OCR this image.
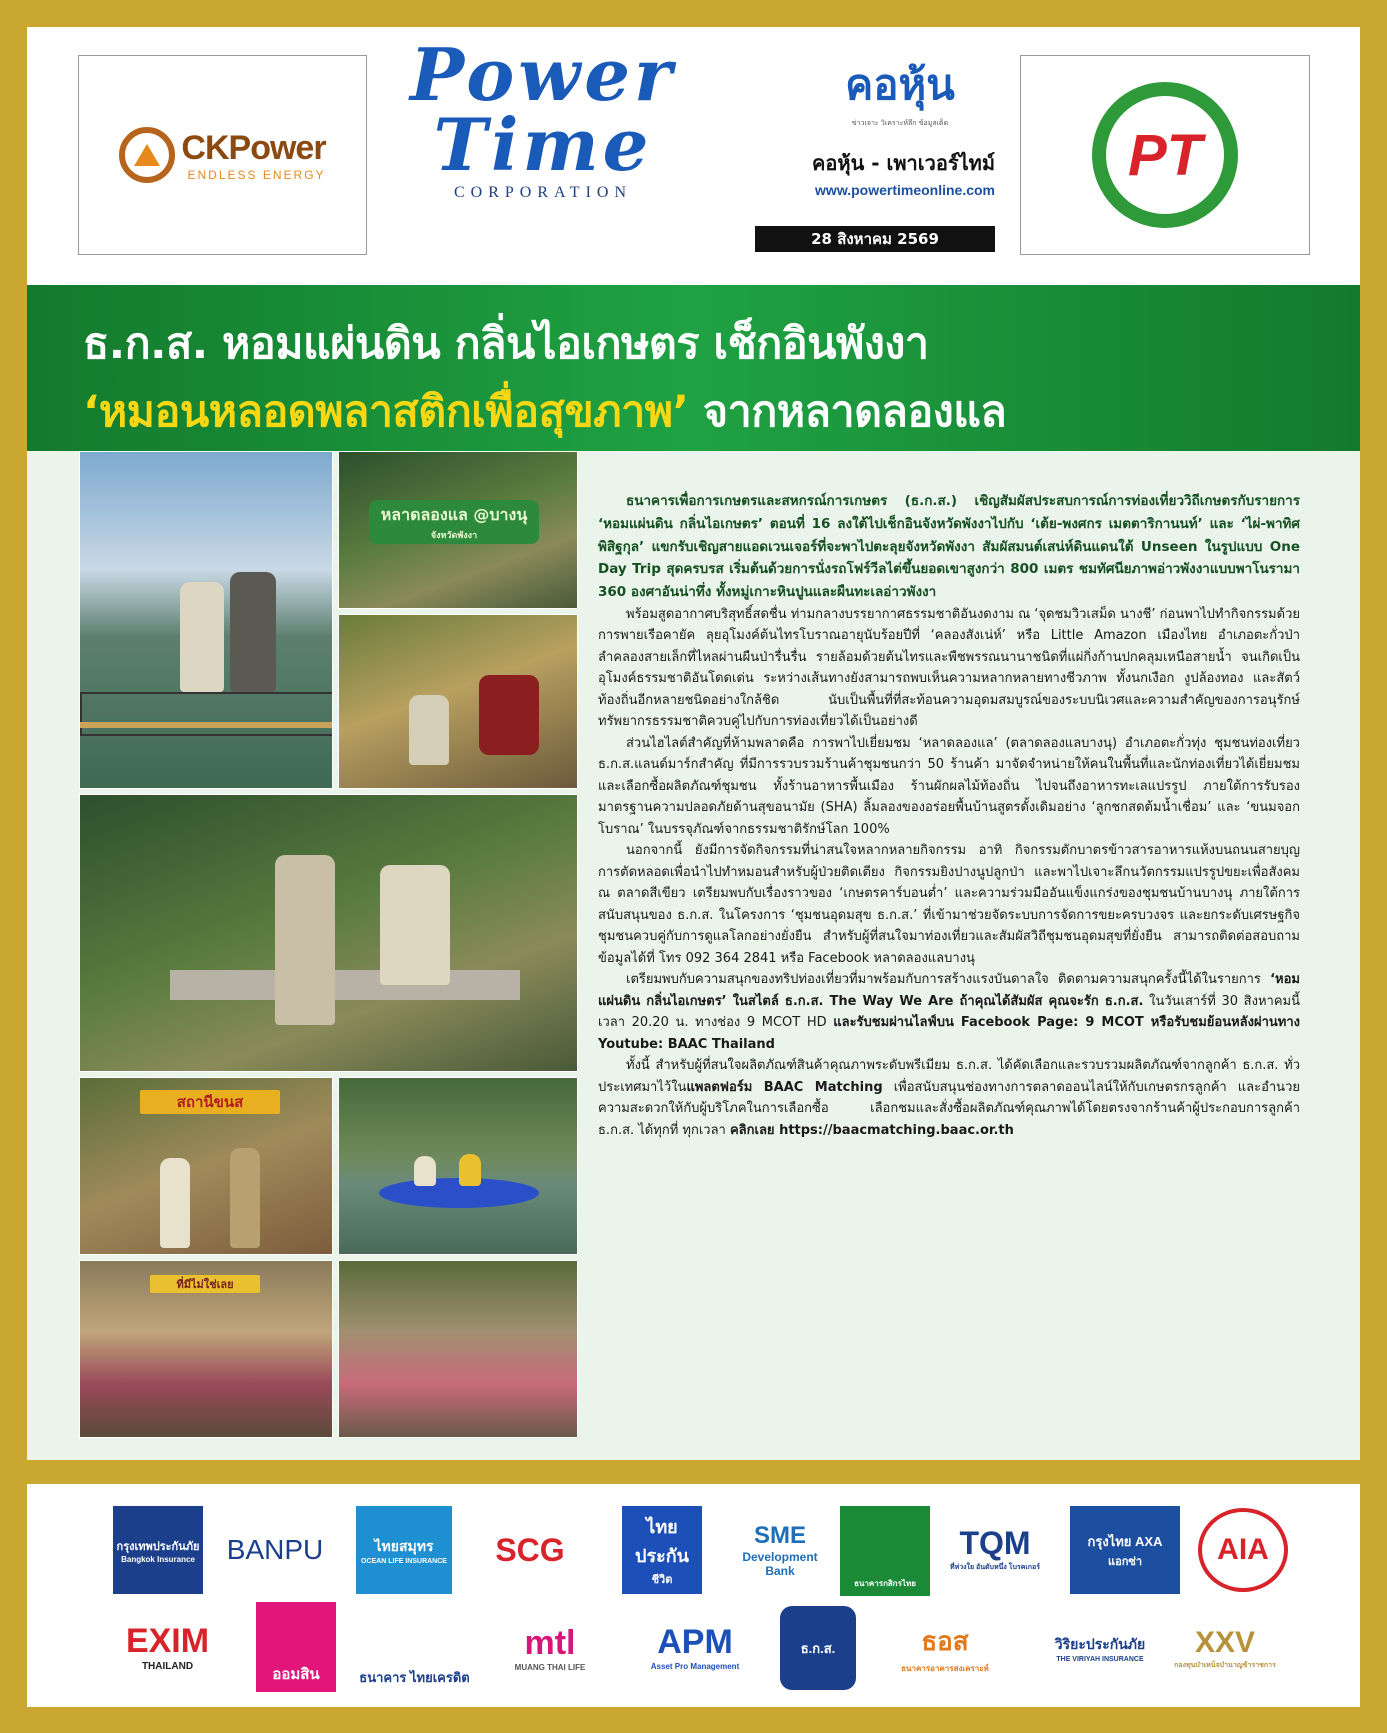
CKPower
ENDLESS ENERGY
Power
Time
CORPORATION
คอหุ้น
ข่าวเจาะ วิเคราะห์ลึก ข้อมูลเด็ด
คอหุ้น - เพาเวอร์ไทม์
www.powertimeonline.com
28 สิงหาคม 2569
PT
ธ.ก.ส. หอมแผ่นดิน กลิ่นไอเกษตร เช็กอินพังงา
‘หมอนหลอดพลาสติกเพื่อสุขภาพ’ จากหลาดลองแล
หลาดลองแล @บางนุ
จังหวัดพังงา
สถานีขนส
ที่มีไม่ใช่เลย

ธนาคารเพื่อการเกษตรและสหกรณ์การเกษตร (ธ.ก.ส.) เชิญสัมผัสประสบการณ์การท่องเที่ยววิถีเกษตรกับรายการ ‘หอมแผ่นดิน กลิ่นไอเกษตร’ ตอนที่ 16 ลงใต้ไปเช็กอินจังหวัดพังงาไปกับ ‘เต้ย-พงศกร เมตตาริกานนท์’ และ ‘ไผ่-พาทิศ พิสิฐกุล’ แขกรับเชิญสายแอดเวนเจอร์ที่จะพาไปตะลุยจังหวัดพังงา สัมผัสมนต์เสน่ห์ดินแดนใต้ Unseen ในรูปแบบ One Day Trip สุดครบรส เริ่มต้นด้วยการนั่งรถโฟร์วีลไต่ขึ้นยอดเขาสูงกว่า 800 เมตร ชมทัศนียภาพอ่าวพังงาแบบพาโนรามา 360 องศาอันน่าทึ่ง ทั้งหมู่เกาะหินปูนและผืนทะเลอ่าวพังงา

พร้อมสูดอากาศบริสุทธิ์สดชื่น ท่ามกลางบรรยากาศธรรมชาติอันงดงาม ณ ‘จุดชมวิวเสม็ด นางชี’ ก่อนพาไปทำกิจกรรมด้วยการพายเรือคายัค ลุยอุโมงค์ต้นไทรโบราณอายุนับร้อยปีที่ ‘คลองสังเน่ห์’ หรือ Little Amazon เมืองไทย อำเภอตะกั่วป่า ลำคลองสายเล็กที่ไหลผ่านผืนป่ารื่นรื่น รายล้อมด้วยต้นไทรและพืชพรรณนานาชนิดที่แผ่กิ่งก้านปกคลุมเหนือสายน้ำ จนเกิดเป็นอุโมงค์ธรรมชาติอันโดดเด่น ระหว่างเส้นทางยังสามารถพบเห็นความหลากหลายทางชีวภาพ ทั้งนกเงือก งูปล้องทอง และสัตว์ท้องถิ่นอีกหลายชนิดอย่างใกล้ชิด นับเป็นพื้นที่ที่สะท้อนความอุดมสมบูรณ์ของระบบนิเวศและความสำคัญของการอนุรักษ์ทรัพยากรธรรมชาติควบคู่ไปกับการท่องเที่ยวได้เป็นอย่างดี

ส่วนไฮไลต์สำคัญที่ห้ามพลาดคือ การพาไปเยี่ยมชม ‘หลาดลองแล’ (ตลาดลองแลบางนุ) อำเภอตะกั่วทุ่ง ชุมชนท่องเที่ยว ธ.ก.ส.แลนด์มาร์กสำคัญ ที่มีการรวบรวมร้านค้าชุมชนกว่า 50 ร้านค้า มาจัดจำหน่ายให้คนในพื้นที่และนักท่องเที่ยวได้เยี่ยมชมและเลือกซื้อผลิตภัณฑ์ชุมชน ทั้งร้านอาหารพื้นเมือง ร้านผักผลไม้ท้องถิ่น ไปจนถึงอาหารทะเลแปรรูป ภายใต้การรับรองมาตรฐานความปลอดภัยด้านสุขอนามัย (SHA) ลิ้มลองของอร่อยพื้นบ้านสูตรดั้งเดิมอย่าง ‘ลูกชกสดต้มน้ำเชื่อม’ และ ‘ขนมจอกโบราณ’ ในบรรจุภัณฑ์จากธรรมชาติรักษ์โลก 100%

นอกจากนี้ ยังมีการจัดกิจกรรมที่น่าสนใจหลากหลายกิจกรรม อาทิ กิจกรรมตักบาตรข้าวสารอาหารแห้งบนถนนสายบุญ การตัดหลอดเพื่อนำไปทำหมอนสำหรับผู้ป่วยติดเตียง กิจกรรมยิงปางนูปลูกป่า และพาไปเจาะลึกนวัตกรรมแปรรูปขยะเพื่อสังคม ณ ตลาดสีเขียว เตรียมพบกับเรื่องราวของ ‘เกษตรคาร์บอนต่ำ’ และความร่วมมืออันแข็งแกร่งของชุมชนบ้านบางนุ ภายใต้การสนับสนุนของ ธ.ก.ส. ในโครงการ ‘ชุมชนอุดมสุข ธ.ก.ส.’ ที่เข้ามาช่วยจัดระบบการจัดการขยะครบวงจร และยกระดับเศรษฐกิจชุมชนควบคู่กับการดูแลโลกอย่างยั่งยืน สำหรับผู้ที่สนใจมาท่องเที่ยวและสัมผัสวิถีชุมชนอุดมสุขที่ยั่งยืน สามารถติดต่อสอบถามข้อมูลได้ที่ โทร 092 364 2841 หรือ Facebook หลาดลองแลบางนุ

เตรียมพบกับความสนุกของทริปท่องเที่ยวที่มาพร้อมกับการสร้างแรงบันดาลใจ ติดตามความสนุกครั้งนี้ได้ในรายการ ‘หอมแผ่นดิน กลิ่นไอเกษตร’ ในสไตล์ ธ.ก.ส. The Way We Are ถ้าคุณได้สัมผัส คุณจะรัก ธ.ก.ส. ในวันเสาร์ที่ 30 สิงหาคมนี้ เวลา 20.20 น. ทางช่อง 9 MCOT HD และรับชมผ่านไลฟ์บน Facebook Page: 9 MCOT หรือรับชมย้อนหลังผ่านทาง Youtube: BAAC Thailand

ทั้งนี้ สำหรับผู้ที่สนใจผลิตภัณฑ์สินค้าคุณภาพระดับพรีเมียม ธ.ก.ส. ได้คัดเลือกและรวบรวมผลิตภัณฑ์จากลูกค้า ธ.ก.ส. ทั่วประเทศมาไว้ในแพลตฟอร์ม BAAC Matching เพื่อสนับสนุนช่องทางการตลาดออนไลน์ให้กับเกษตรกรลูกค้า และอำนวยความสะดวกให้กับผู้บริโภคในการเลือกซื้อ เลือกชมและสั่งซื้อผลิตภัณฑ์คุณภาพได้โดยตรงจากร้านค้าผู้ประกอบการลูกค้า ธ.ก.ส. ได้ทุกที่ ทุกเวลา คลิกเลย https://baacmatching.baac.or.th

กรุงเทพประกันภัย
Bangkok Insurance	BANPU	ไทยสมุทร
OCEAN LIFE INSURANCE	SCG
ไทย ประกัน
ชีวิต
SME
Development Bank
ธนาคารกสิกรไทย
TQM
ที่ห่วงใย อันดับหนึ่ง โบรคเกอร์
กรุงไทย AXA
แอกซ่า	AIA
EXIM
THAILAND	ออมสิน	ธนาคาร ไทยเครดิต
mtl
MUANG THAI LIFE
APM
Asset Pro Management
ธ.ก.ส.	ธอส
ธนาคารอาคารสงเคราะห์
วิริยะประกันภัย
THE VIRIYAH INSURANCE
XXV
กองทุนบำเหน็จบำนาญข้าราชการ
